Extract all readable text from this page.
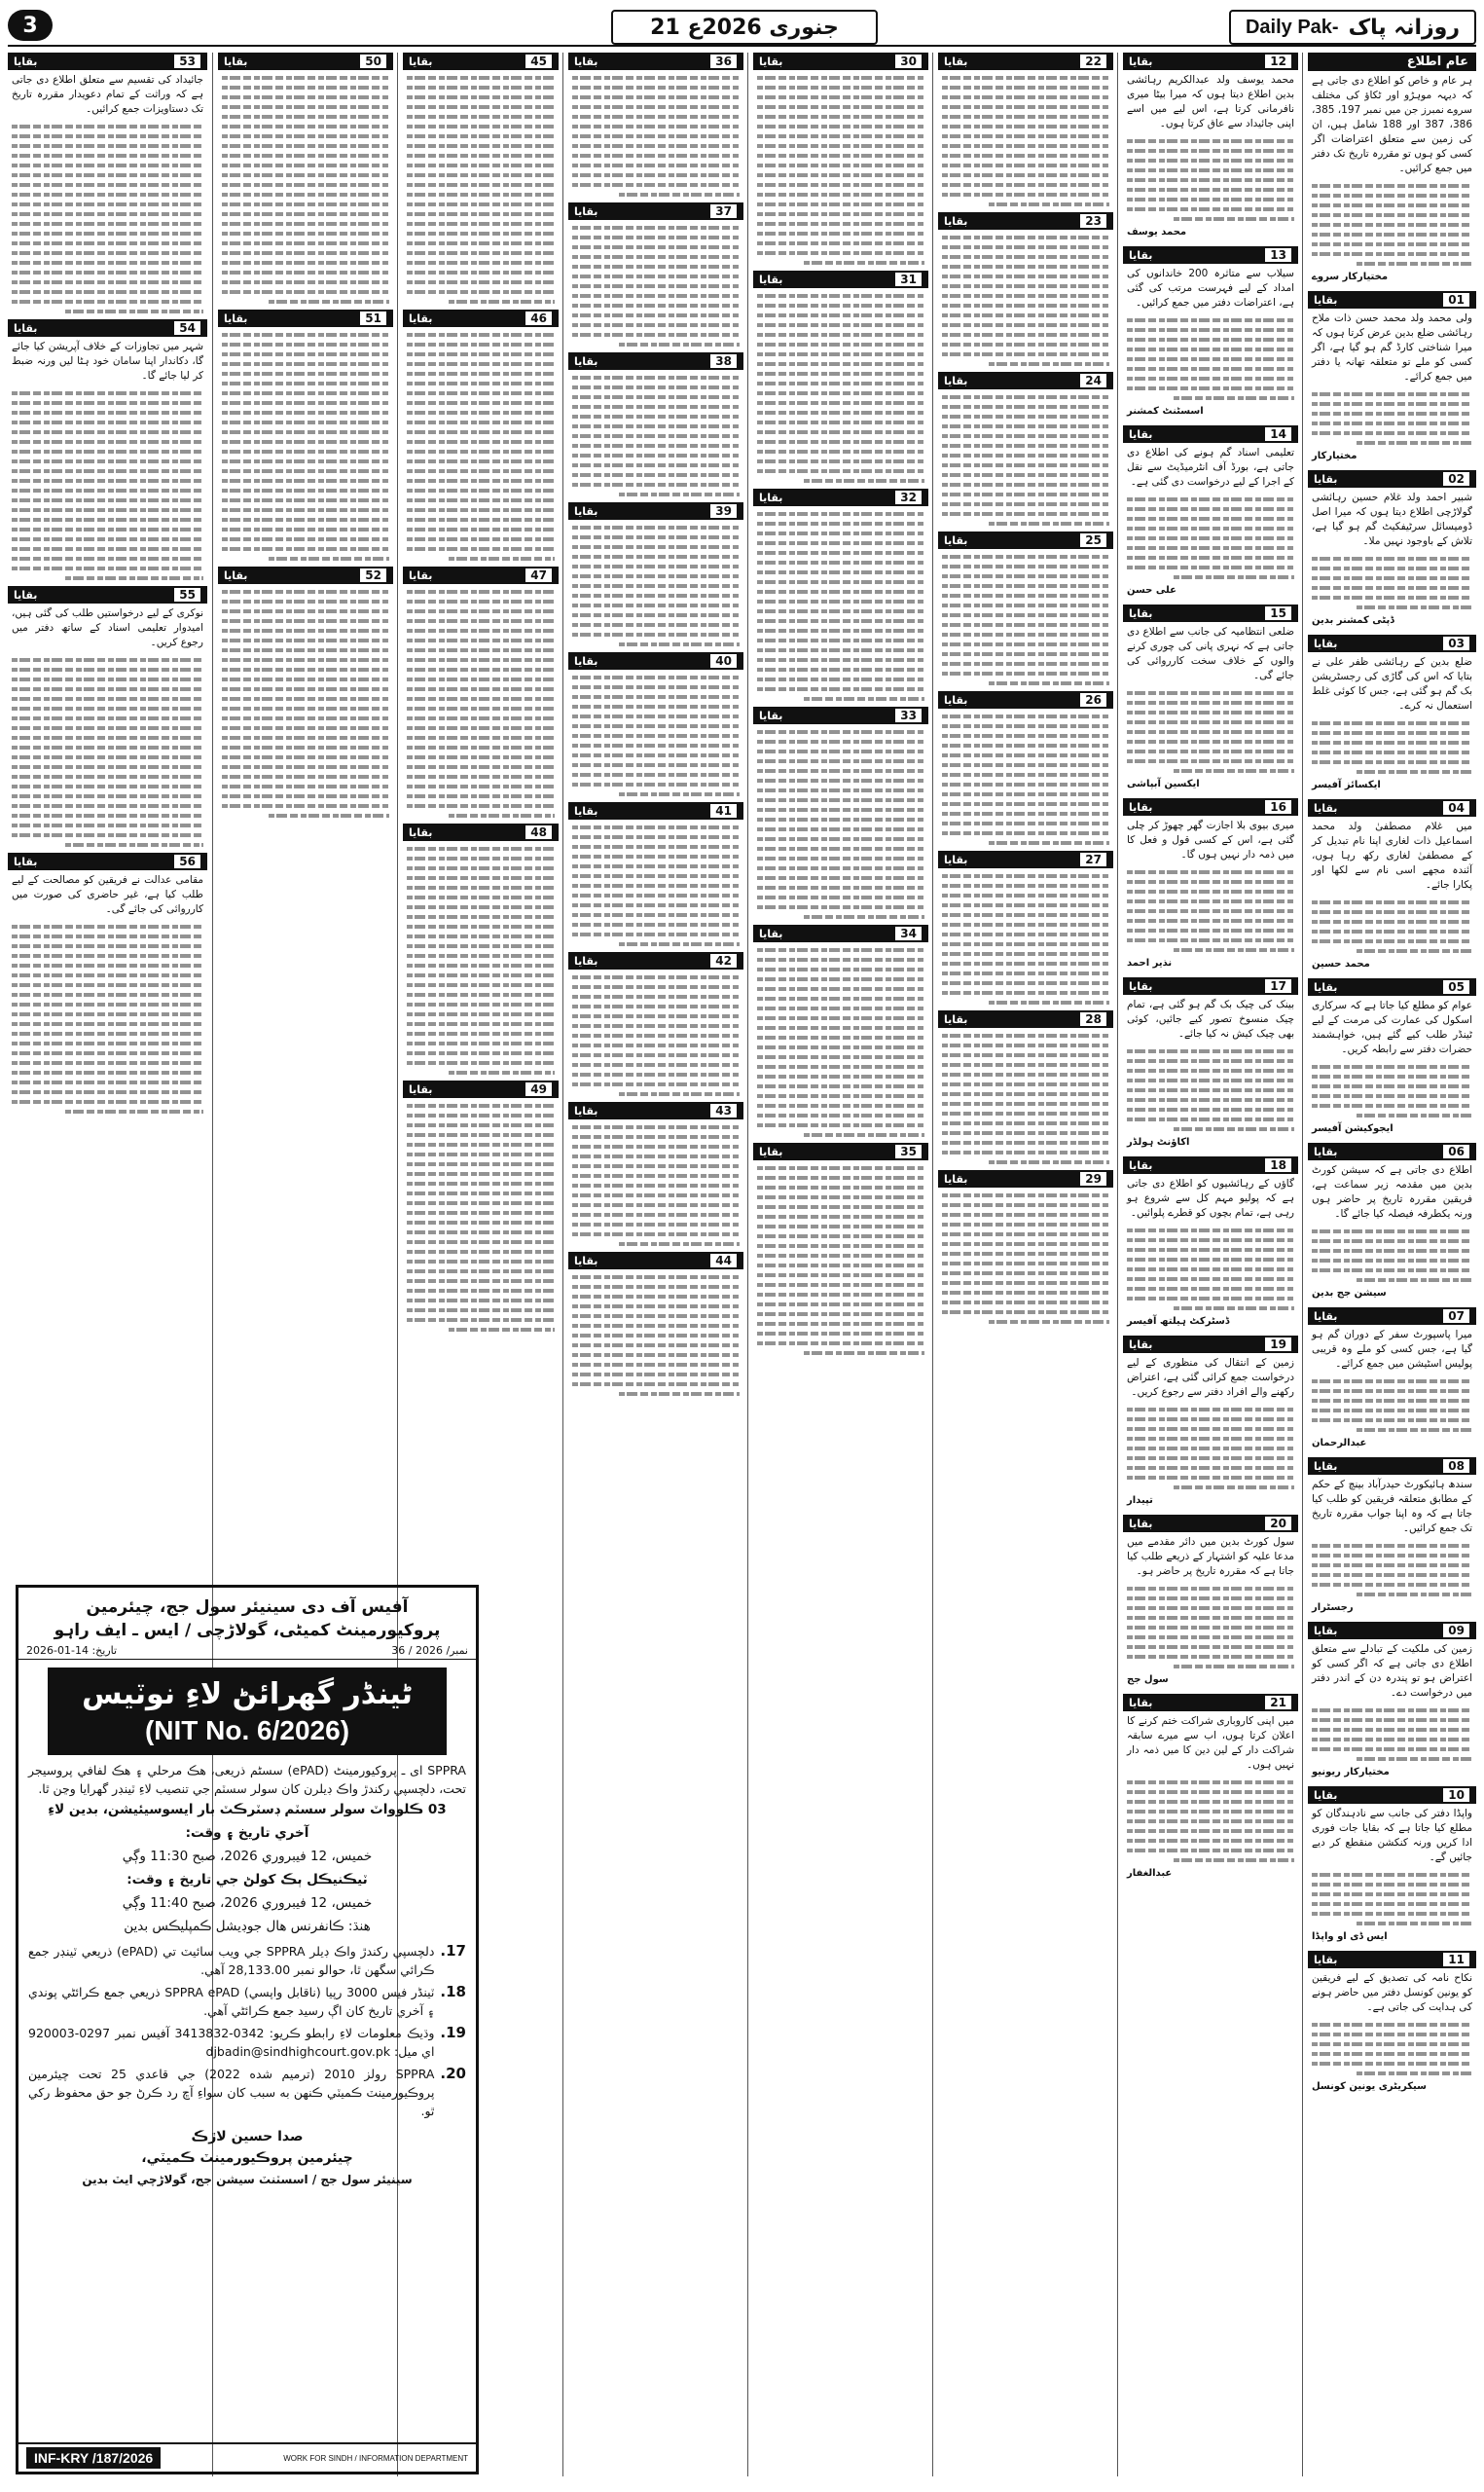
3	21 جنوری 2026ع	Daily Pak- روزانہ پاک
عام اطلاع
ہر عام و خاص کو اطلاع دی جاتی ہے کہ دیہہ موہڑو اور ٹکاؤ کی مختلف سروے نمبرز جن میں نمبر 197، 385، 386، 387 اور 188 شامل ہیں، ان کی زمین سے متعلق اعتراضات اگر کسی کو ہوں تو مقررہ تاریخ تک دفتر میں جمع کرائیں۔
مختیارکار سروے
بقایا	01
ولی محمد ولد محمد حسن ذات ملاح رہائشی ضلع بدین عرض کرتا ہوں کہ میرا شناختی کارڈ گم ہو گیا ہے، اگر کسی کو ملے تو متعلقہ تھانہ یا دفتر میں جمع کرائے۔
مختیارکار
بقایا	02
شبیر احمد ولد غلام حسین رہائشی گولاڑچی اطلاع دیتا ہوں کہ میرا اصل ڈومیسائل سرٹیفکیٹ گم ہو گیا ہے، تلاش کے باوجود نہیں ملا۔
ڈپٹی کمشنر بدین
بقایا	03
ضلع بدین کے رہائشی ظفر علی نے بتایا کہ اس کی گاڑی کی رجسٹریشن بک گم ہو گئی ہے، جس کا کوئی غلط استعمال نہ کرے۔
ایکسائز آفیسر
بقایا	04
میں غلام مصطفیٰ ولد محمد اسماعیل ذات لغاری اپنا نام تبدیل کر کے مصطفیٰ لغاری رکھ رہا ہوں، آئندہ مجھے اسی نام سے لکھا اور پکارا جائے۔
محمد حسین
بقایا	05
عوام کو مطلع کیا جاتا ہے کہ سرکاری اسکول کی عمارت کی مرمت کے لیے ٹینڈر طلب کیے گئے ہیں، خواہشمند حضرات دفتر سے رابطہ کریں۔
ایجوکیشن آفیسر
بقایا	06
اطلاع دی جاتی ہے کہ سیشن کورٹ بدین میں مقدمہ زیر سماعت ہے، فریقین مقررہ تاریخ پر حاضر ہوں ورنہ یکطرفہ فیصلہ کیا جائے گا۔
سیشن جج بدین
بقایا	07
میرا پاسپورٹ سفر کے دوران گم ہو گیا ہے، جس کسی کو ملے وہ قریبی پولیس اسٹیشن میں جمع کرائے۔
عبدالرحمان
بقایا	08
سندھ ہائیکورٹ حیدرآباد بینچ کے حکم کے مطابق متعلقہ فریقین کو طلب کیا جاتا ہے کہ وہ اپنا جواب مقررہ تاریخ تک جمع کرائیں۔
رجسٹرار
بقایا	09
زمین کی ملکیت کے تبادلے سے متعلق اطلاع دی جاتی ہے کہ اگر کسی کو اعتراض ہو تو پندرہ دن کے اندر دفتر میں درخواست دے۔
مختیارکار ریونیو
بقایا	10
واپڈا دفتر کی جانب سے نادہندگان کو مطلع کیا جاتا ہے کہ بقایا جات فوری ادا کریں ورنہ کنکشن منقطع کر دیے جائیں گے۔
ایس ڈی او واپڈا
بقایا	11
نکاح نامہ کی تصدیق کے لیے فریقین کو یونین کونسل دفتر میں حاضر ہونے کی ہدایت کی جاتی ہے۔
سیکریٹری یونین کونسل
بقایا	12
محمد یوسف ولد عبدالکریم رہائشی بدین اطلاع دیتا ہوں کہ میرا بیٹا میری نافرمانی کرتا ہے، اس لیے میں اسے اپنی جائیداد سے عاق کرتا ہوں۔
محمد یوسف
بقایا	13
سیلاب سے متاثرہ 200 خاندانوں کی امداد کے لیے فہرست مرتب کی گئی ہے، اعتراضات دفتر میں جمع کرائیں۔
اسسٹنٹ کمشنر
بقایا	14
تعلیمی اسناد گم ہونے کی اطلاع دی جاتی ہے، بورڈ آف انٹرمیڈیٹ سے نقل کے اجرا کے لیے درخواست دی گئی ہے۔
علی حسن
بقایا	15
ضلعی انتظامیہ کی جانب سے اطلاع دی جاتی ہے کہ نہری پانی کی چوری کرنے والوں کے خلاف سخت کارروائی کی جائے گی۔
ایکسین آبپاشی
بقایا	16
میری بیوی بلا اجازت گھر چھوڑ کر چلی گئی ہے، اس کے کسی قول و فعل کا میں ذمہ دار نہیں ہوں گا۔
نذیر احمد
بقایا	17
بینک کی چیک بک گم ہو گئی ہے، تمام چیک منسوخ تصور کیے جائیں، کوئی بھی چیک کیش نہ کیا جائے۔
اکاؤنٹ ہولڈر
بقایا	18
گاؤں کے رہائشیوں کو اطلاع دی جاتی ہے کہ پولیو مہم کل سے شروع ہو رہی ہے، تمام بچوں کو قطرے پلوائیں۔
ڈسٹرکٹ ہیلتھ آفیسر
بقایا	19
زمین کے انتقال کی منظوری کے لیے درخواست جمع کرائی گئی ہے، اعتراض رکھنے والے افراد دفتر سے رجوع کریں۔
تپیدار
بقایا	20
سول کورٹ بدین میں دائر مقدمے میں مدعا علیہ کو اشتہار کے ذریعے طلب کیا جاتا ہے کہ مقررہ تاریخ پر حاضر ہو۔
سول جج
بقایا	21
میں اپنی کاروباری شراکت ختم کرنے کا اعلان کرتا ہوں، اب سے میرے سابقہ شراکت دار کے لین دین کا میں ذمہ دار نہیں ہوں۔
عبدالغفار
بقایا	22
بقایا	23
بقایا	24
بقایا	25
بقایا	26
بقایا	27
بقایا	28
بقایا	29
بقایا	30
بقایا	31
بقایا	32
بقایا	33
بقایا	34
بقایا	35
بقایا	36
بقایا	37
بقایا	38
بقایا	39
بقایا	40
بقایا	41
بقایا	42
بقایا	43
بقایا	44
بقایا	45
بقایا	46
بقایا	47
بقایا	48
بقایا	49
بقایا	50
بقایا	51
بقایا	52
بقایا	53
جائیداد کی تقسیم سے متعلق اطلاع دی جاتی ہے کہ وراثت کے تمام دعویدار مقررہ تاریخ تک دستاویزات جمع کرائیں۔
بقایا	54
شہر میں تجاوزات کے خلاف آپریشن کیا جائے گا، دکاندار اپنا سامان خود ہٹا لیں ورنہ ضبط کر لیا جائے گا۔
بقایا	55
نوکری کے لیے درخواستیں طلب کی گئی ہیں، امیدوار تعلیمی اسناد کے ساتھ دفتر میں رجوع کریں۔
بقایا	56
مقامی عدالت نے فریقین کو مصالحت کے لیے طلب کیا ہے، غیر حاضری کی صورت میں کارروائی کی جائے گی۔
آفیس آف دی سینیئر سول جج، چیئرمین
پروکیورمینٹ کمیٹی، گولاڑچی / ایس ـ ایف راہو
تاریخ: 14-01-2026	نمبر/ 2026 / 36
ٹینڈر گھرائڻ لاءِ نوٽيس
(NIT No. 6/2026)
SPPRA ای ـ پروکیورمینٹ (ePAD) سسٹم ذریعی، ھڪ مرحلي ۽ ھڪ لفافي پروسيجر تحت، دلچسپي رکندڙ واڪ ڊيلرن کان سولر سسٽم جي تنصيب لاءِ ٽينڊر گھرايا وڃن ٿا.
03 ڪلوواٽ سولر سسٽم ڊسٽرڪٽ بار ايسوسيئيشن، بدين لاءِ
آخري تاريخ ۽ وقت:
خميس، 12 فيبروري 2026، صبح 11:30 وڳي
ٽيڪنيڪل ٻڪ کولڻ جي تاريخ ۽ وقت:
خميس، 12 فيبروري 2026، صبح 11:40 وڳي
ھنڌ: ڪانفرنس ھال جوڊيشل ڪمپليڪس بدين
17.
دلچسپي رکندڙ واڪ ڊيلر SPPRA جي ويب سائيٽ تي (ePAD) ذريعي ٽينڊر جمع ڪرائي سگهن ٿا، حوالو نمبر 28,133.00 آهي.
18.
ٽينڈر فيس 3000 رپيا (ناقابل واپسي) SPPRA ePAD ذريعي جمع ڪرائڻي پوندي ۽ آخري تاريخ کان اڳ رسيد جمع ڪرائڻي آهي.
19.
وڌيڪ معلومات لاءِ رابطو ڪريو: 0342-3413832 آفيس نمبر 0297-920003 اي ميل: djbadin@sindhighcourt.gov.pk
20.
SPPRA رولز 2010 (ترميم شده 2022) جي قاعدي 25 تحت چيئرمين پروڪيورمينٽ ڪميٽي ڪنهن به سبب کان سواءِ آڇ رد ڪرڻ جو حق محفوظ رکي ٿو.
صدا حسين لاڙڪ
چيئرمين پروڪيورمينٽ ڪميٽي،
سينيئر سول جج / اسسٽنٽ سيشن جج، گولاڑچي ايٽ بدين
INF-KRY /187/2026	WORK FOR SINDH / INFORMATION DEPARTMENT
